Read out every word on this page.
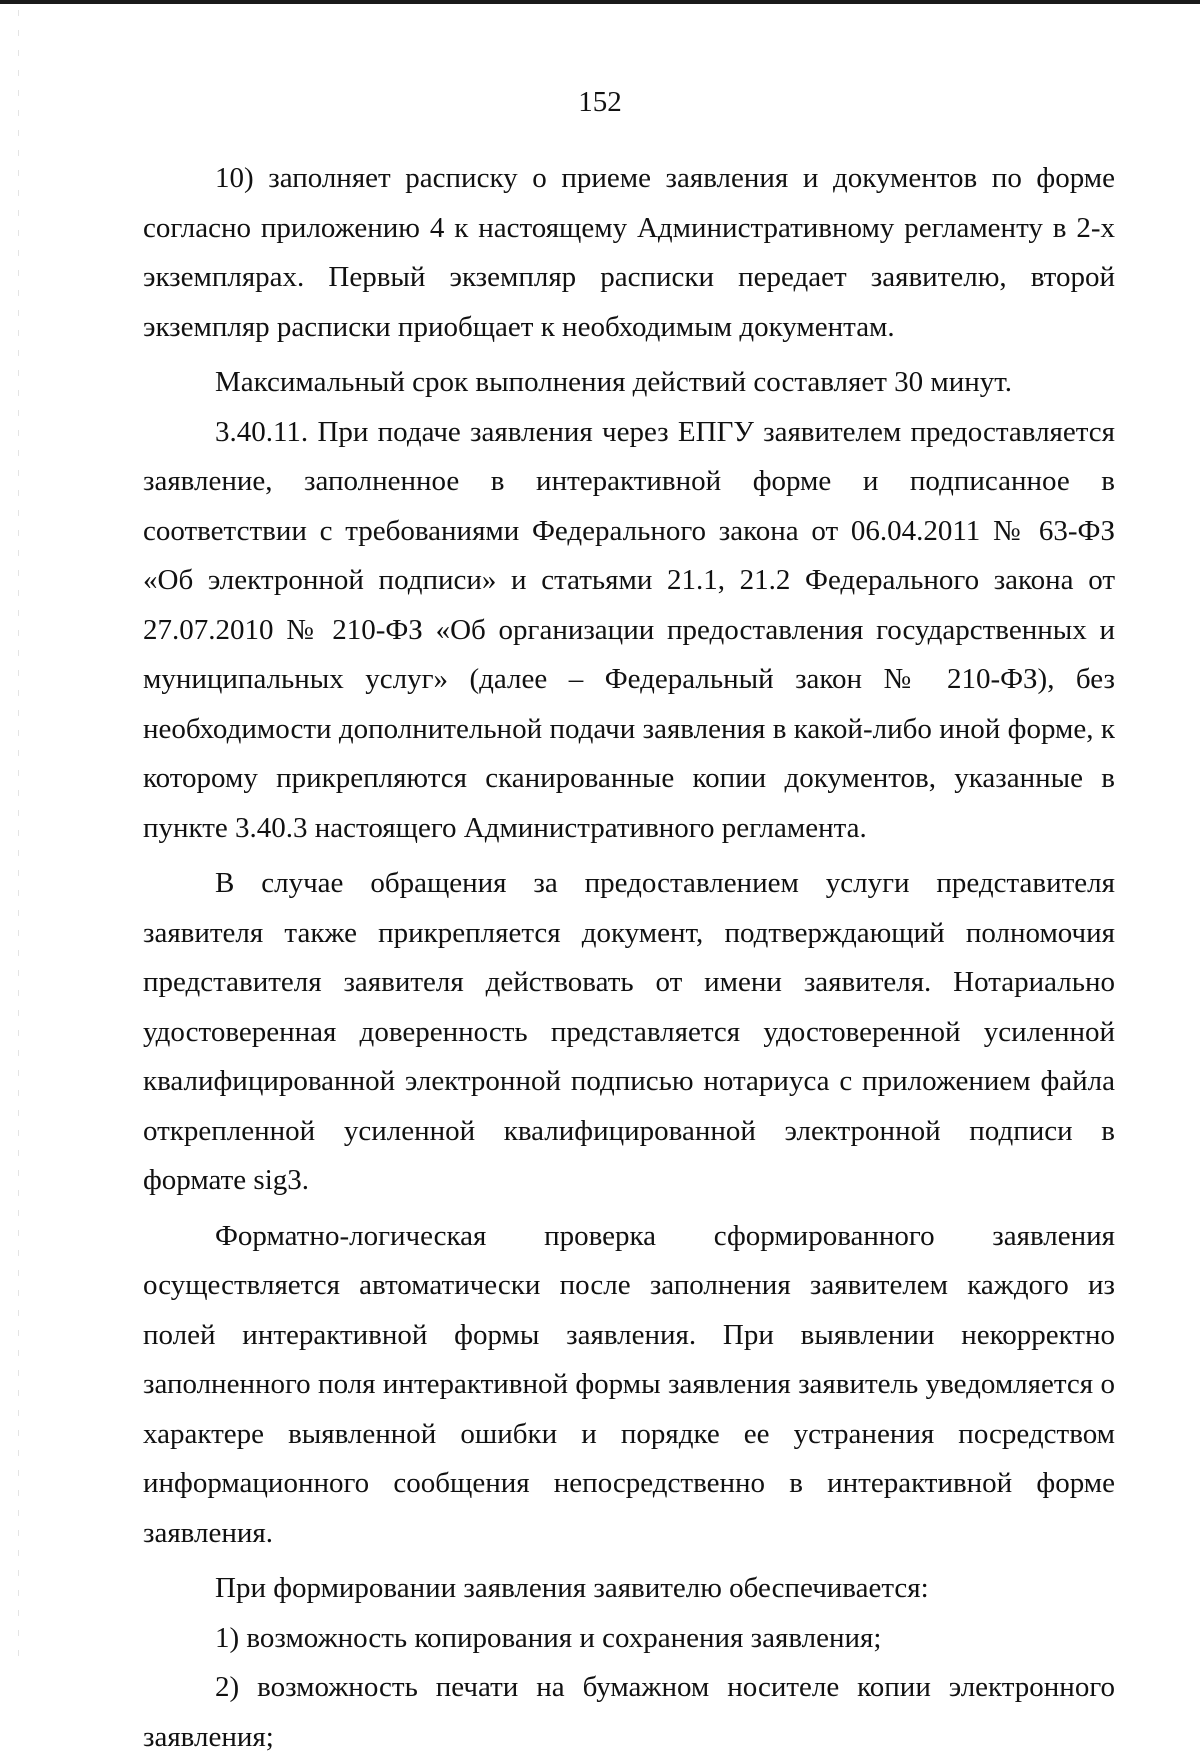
152

10) заполняет расписку о приеме заявления и документов по форме согласно приложению 4 к настоящему Административному регламенту в 2-х экземплярах. Первый экземпляр расписки передает заявителю, второй экземпляр расписки приобщает к необходимым документам.

Максимальный срок выполнения действий составляет 30 минут.

3.40.11. При подаче заявления через ЕПГУ заявителем предоставляется заявление, заполненное в интерактивной форме и подписанное в соответствии с требованиями Федерального закона от 06.04.2011 № 63-ФЗ «Об электронной подписи» и статьями 21.1, 21.2 Федерального закона от 27.07.2010 № 210-ФЗ «Об организации предоставления государственных и муниципальных услуг» (далее – Федеральный закон № 210-ФЗ), без необходимости дополнительной подачи заявления в какой-либо иной форме, к которому прикрепляются сканированные копии документов, указанные в пункте 3.40.3 настоящего Административного регламента.

В случае обращения за предоставлением услуги представителя заявителя также прикрепляется документ, подтверждающий полномочия представителя заявителя действовать от имени заявителя. Нотариально удостоверенная доверенность представляется удостоверенной усиленной квалифицированной электронной подписью нотариуса с приложением файла открепленной усиленной квалифицированной электронной подписи в формате sig3.

Форматно-логическая проверка сформированного заявления осуществляется автоматически после заполнения заявителем каждого из полей интерактивной формы заявления. При выявлении некорректно заполненного поля интерактивной формы заявления заявитель уведомляется о характере выявленной ошибки и порядке ее устранения посредством информационного сообщения непосредственно в интерактивной форме заявления.

При формировании заявления заявителю обеспечивается:

1) возможность копирования и сохранения заявления;

2) возможность печати на бумажном носителе копии электронного заявления;
